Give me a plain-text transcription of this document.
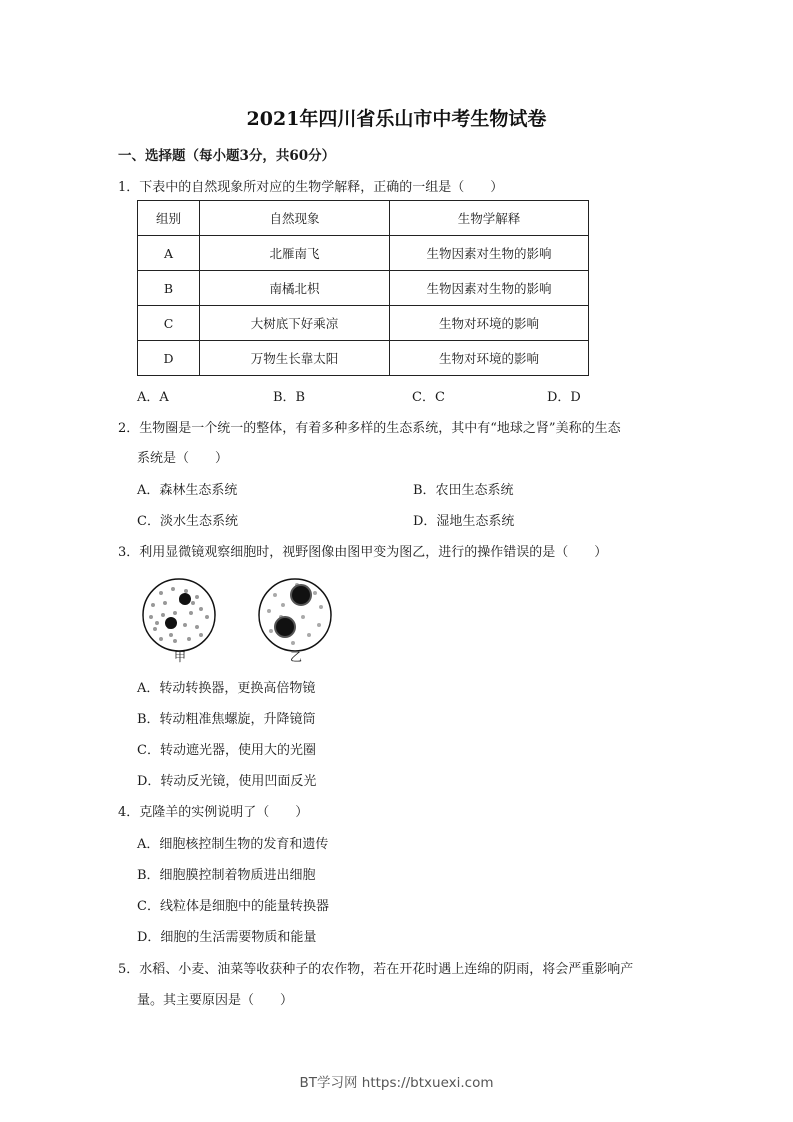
2021年四川省乐山市中考生物试卷
一、选择题（每小题3分，共60分）
1．下表中的自然现象所对应的生物学解释，正确的一组是（　　）
组别	自然现象	生物学解释
A	北雁南飞	生物因素对生物的影响
B	南橘北枳	生物因素对生物的影响
C	大树底下好乘凉	生物对环境的影响
D	万物生长靠太阳	生物对环境的影响
A．A	B．B	C．C	D．D
2．生物圈是一个统一的整体，有着多种多样的生态系统，其中有“地球之肾”美称的生态
系统是（　　）
A．森林生态系统	B．农田生态系统
C．淡水生态系统	D．湿地生态系统
3．利用显微镜观察细胞时，视野图像由图甲变为图乙，进行的操作错误的是（　　）
甲	乙
A．转动转换器，更换高倍物镜
B．转动粗准焦螺旋，升降镜筒
C．转动遮光器，使用大的光圈
D．转动反光镜，使用凹面反光
4．克隆羊的实例说明了（　　）
A．细胞核控制生物的发育和遗传
B．细胞膜控制着物质进出细胞
C．线粒体是细胞中的能量转换器
D．细胞的生活需要物质和能量
5．水稻、小麦、油菜等收获种子的农作物，若在开花时遇上连绵的阴雨，将会严重影响产
量。其主要原因是（　　）
BT学习网 https://btxuexi.com
